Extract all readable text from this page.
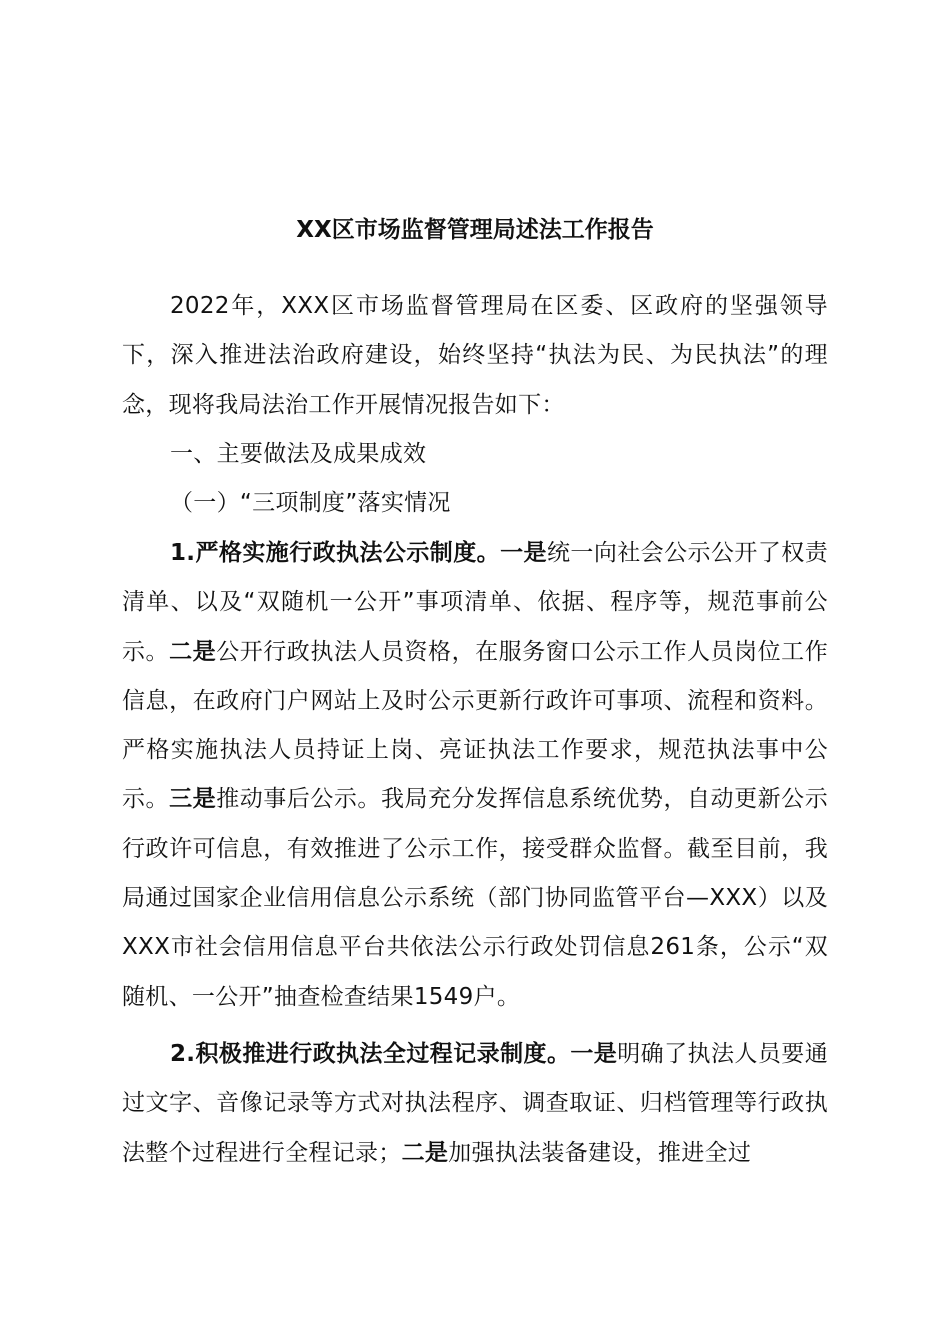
XX区市场监督管理局述法工作报告

2022年，XXX区市场监督管理局在区委、区政府的坚强领导下，深入推进法治政府建设，始终坚持“执法为民、为民执法”的理念，现将我局法治工作开展情况报告如下：

一、主要做法及成果成效

（一）“三项制度”落实情况

1.严格实施行政执法公示制度。一是统一向社会公示公开了权责清单、以及“双随机一公开”事项清单、依据、程序等，规范事前公示。二是公开行政执法人员资格，在服务窗口公示工作人员岗位工作信息，在政府门户网站上及时公示更新行政许可事项、流程和资料。严格实施执法人员持证上岗、亮证执法工作要求，规范执法事中公示。三是推动事后公示。我局充分发挥信息系统优势，自动更新公示行政许可信息，有效推进了公示工作，接受群众监督。截至目前，我局通过国家企业信用信息公示系统（部门协同监管平台—XXX）以及XXX市社会信用信息平台共依法公示行政处罚信息261条，公示“双随机、一公开”抽查检查结果1549户。

2.积极推进行政执法全过程记录制度。一是明确了执法人员要通过文字、音像记录等方式对执法程序、调查取证、归档管理等行政执法整个过程进行全程记录；二是加强执法装备建设，推进全过
